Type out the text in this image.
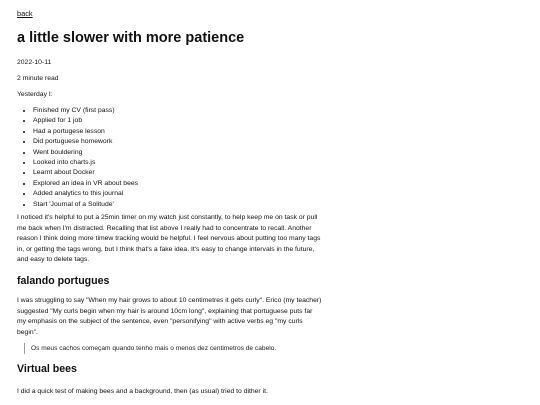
back
a little slower with more patience

2022-10-11

2 minute read

Yesterday I:

• Finished my CV (first pass)
• Applied for 1 job
• Had a portugese lesson
• Did portuguese homework
• Went bouldering
• Looked into charts.js
• Learnt about Docker
• Explored an idea in VR about bees
• Added analytics to this journal
• Start 'Journal of a Solitude'

I noticed it's helpful to put a 25min timer on my watch just constantly, to help keep me on task or pull me back when I'm distracted. Recalling that list above I really had to concentrate to recall. Another reason I think doing more timew tracking would be helpful. I feel nervous about putting too many tags in, or getting the tags wrong, but I think that's a fake idea. It's easy to change intervals in the future, and easy to delete tags.

falando portugues

I was struggling to say "When my hair grows to about 10 centimetres it gets curly". Erico (my teacher) suggested "My curls begin when my hair is around 10cm long", explaining that portuguese puts far my emphasis on the subject of the sentence, even "personifying" with active verbs eg "my curls begin".

Os meus cachos começam quando tenho mais o menos dez centimetros de cabelo.
Virtual bees

I did a quick test of making bees and a background, then (as usual) tried to dither it.
